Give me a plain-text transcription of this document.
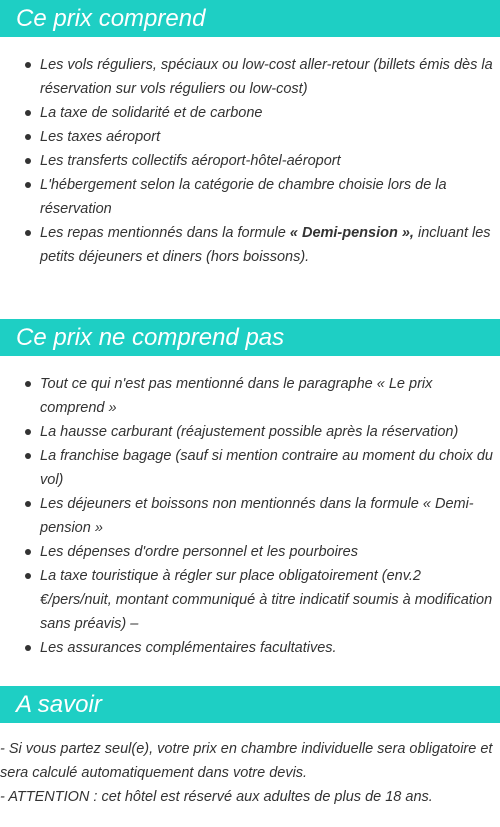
Ce prix comprend
Les vols réguliers, spéciaux ou low-cost aller-retour (billets émis dès la réservation sur vols réguliers ou low-cost)
La taxe de solidarité et de carbone
Les taxes aéroport
Les transferts collectifs aéroport-hôtel-aéroport
L'hébergement selon la catégorie de chambre choisie lors de la réservation
Les repas mentionnés dans la formule « Demi-pension », incluant les petits déjeuners et diners (hors boissons).
Ce prix ne comprend pas
Tout ce qui n'est pas mentionné dans le paragraphe « Le prix comprend »
La hausse carburant (réajustement possible après la réservation)
La franchise bagage (sauf si mention contraire au moment du choix du vol)
Les déjeuners et boissons non mentionnés dans la formule « Demi-pension »
Les dépenses d'ordre personnel et les pourboires
La taxe touristique à régler sur place obligatoirement (env.2 €/pers/nuit, montant communiqué à titre indicatif soumis à modification sans préavis) –
Les assurances complémentaires facultatives.
A savoir

- Si vous partez seul(e), votre prix en chambre individuelle sera obligatoire et sera calculé automatiquement dans votre devis.

- ATTENTION : cet hôtel est réservé aux adultes de plus de 18 ans.
